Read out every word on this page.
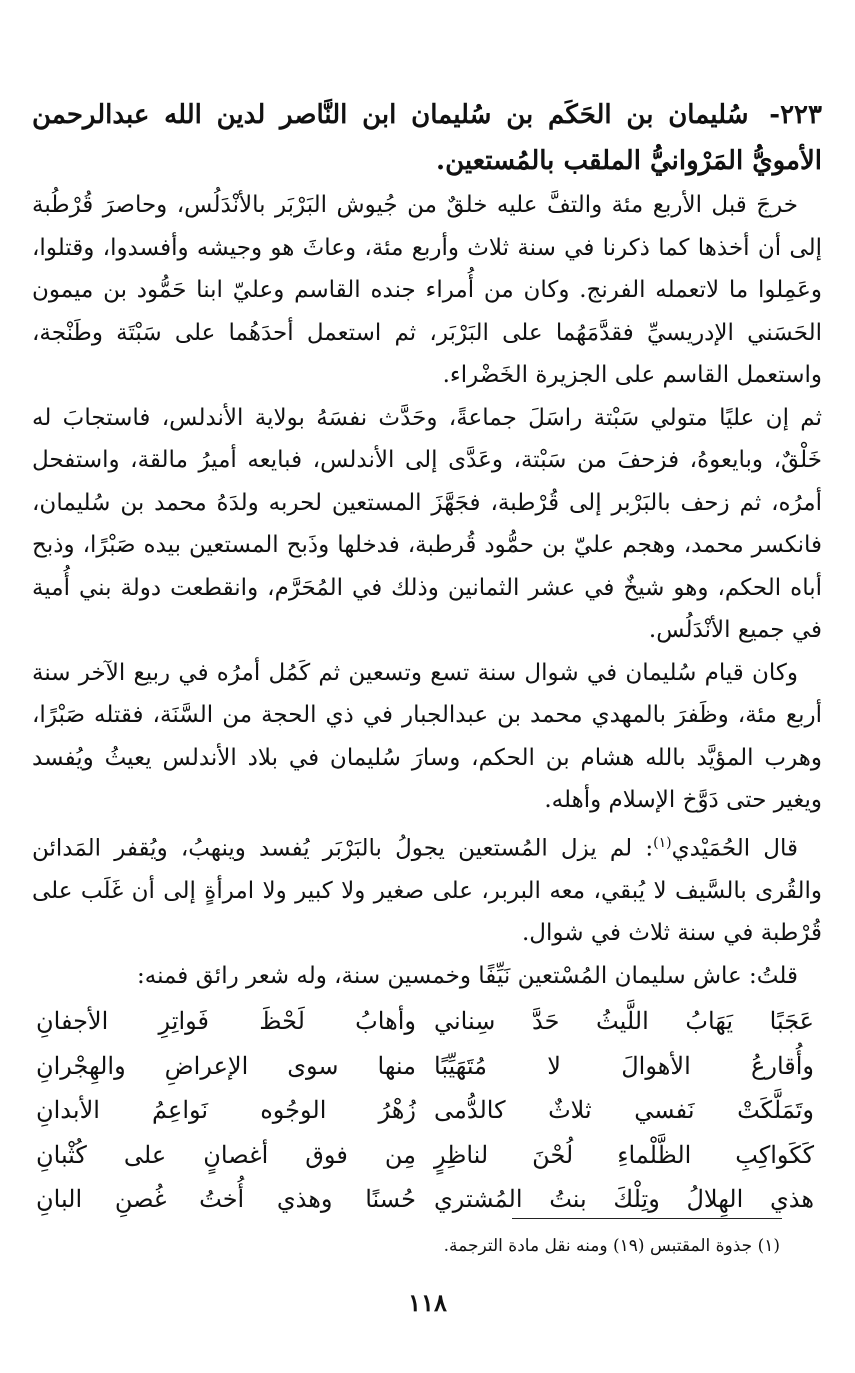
٢٢٣- سُليمان بن الحَكَم بن سُليمان ابن النَّاصر لدين الله عبدالرحمن الأمويُّ المَرْوانيُّ الملقب بالمُستعين.

خرجَ قبل الأربع مئة والتفَّ عليه خلقٌ من جُيوش البَرْبَر بالأنْدَلُس، وحاصرَ قُرْطُبة إلى أن أخذها كما ذكرنا في سنة ثلاث وأربع مئة، وعاثَ هو وجيشه وأفسدوا، وقتلوا، وعَمِلوا ما لاتعمله الفرنج. وكان من أُمراء جنده القاسم وعليّ ابنا حَمُّود بن ميمون الحَسَني الإدريسيِّ فقدَّمَهُما على البَرْبَر، ثم استعمل أحدَهُما على سَبْتَة وطَنْجة، واستعمل القاسم على الجزيرة الخَضْراء.

ثم إن عليًا متولي سَبْتة راسَلَ جماعةً، وحَدَّث نفسَهُ بولاية الأندلس، فاستجابَ له خَلْقٌ، وبايعوهُ، فزحفَ من سَبْتة، وعَدَّى إلى الأندلس، فبايعه أميرُ مالقة، واستفحل أمرُه، ثم زحف بالبَرْبر إلى قُرْطبة، فجَهَّزَ المستعين لحربه ولدَهُ محمد بن سُليمان، فانكسر محمد، وهجم عليّ بن حمُّود قُرطبة، فدخلها وذَبح المستعين بيده صَبْرًا، وذبح أباه الحكم، وهو شيخٌ في عشر الثمانين وذلك في المُحَرَّم، وانقطعت دولة بني أُمية في جميع الأنْدَلُس.

وكان قيام سُليمان في شوال سنة تسع وتسعين ثم كَمُل أمرُه في ربيع الآخر سنة أربع مئة، وظَفرَ بالمهدي محمد بن عبدالجبار في ذي الحجة من السَّنَة، فقتله صَبْرًا، وهرب المؤيَّد بالله هشام بن الحكم، وسارَ سُليمان في بلاد الأندلس يعيثُ ويُفسد ويغير حتى دَوَّخ الإسلام وأهله.

قال الحُمَيْدي$^{(١)}$: لم يزل المُستعين يجولُ بالبَرْبَر يُفسد وينهبُ، ويُقفر المَدائن والقُرى بالسَّيف لا يُبقي، معه البربر، على صغير ولا كبير ولا امرأةٍ إلى أن غَلَب على قُرْطبة في سنة ثلاث في شوال.

قلتُ: عاش سليمان المُسْتعين نَيِّفًا وخمسين سنة، وله شعر رائق فمنه:

عَجَبًا يَهَابُ اللَّيثُ حَدَّ سِناني
وأهابُ لَحْظَ فَواتِرِ الأجفانِ
وأُقارعُ الأهوالَ لا مُتَهَيِّبًا
منها سوى الإعراضِ والهِجْرانِ
وتَمَلَّكَتْ نَفسي ثلاثٌ كالدُّمى
زُهْرُ الوجُوه نَواعِمُ الأبدانِ
كَكَواكِبِ الظَّلْماءِ لُحْنَ لناظِرٍ
مِن فوق أغصانٍ على كُثْبانِ
هذي الهِلالُ وتِلْكَ بنتُ المُشتري
حُسنًا وهذي أُختُ غُصنِ البانِ
(١) جذوة المقتبس (١٩) ومنه نقل مادة الترجمة.
١١٨
